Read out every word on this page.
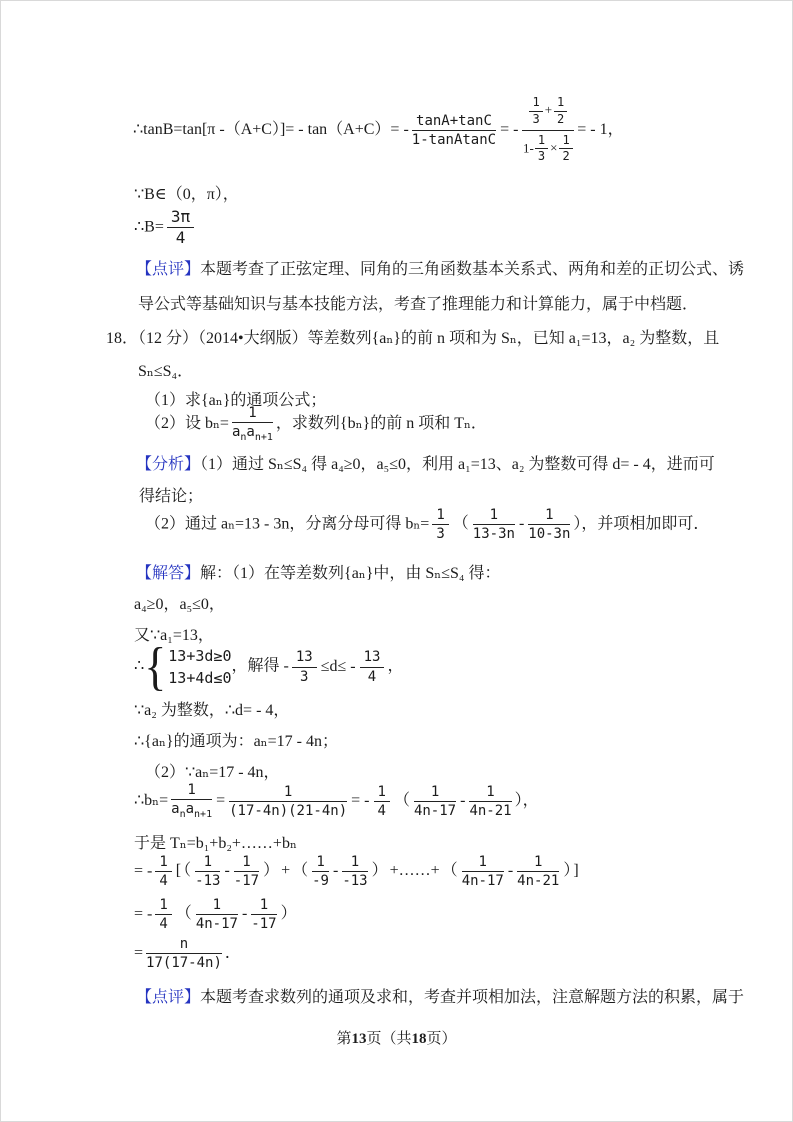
∴tanB=tan[π $-(A+C)]= - \tan(A+C)= - \frac{\tan A+\tan C}{\text{1-tanAtanC}}$ = - $\frac{\frac{1}{3} + \frac{1}{2}}{1- \frac{1}{3} \times \frac{1}{2}}$ = - 1，
∵B∈（0，π），
∴B= $\frac{3\pi}{4}$
【点评】本题考查了正弦定理、同角的三角函数基本关系式、两角和差的正切公式、诱
导公式等基础知识与基本技能方法，考查了推理能力和计算能力，属于中档题．
18．（12 分）（2014•大纲版）等差数列{aₙ}的前 n 项和为 Sₙ，已知 a₁=13，a₂ 为整数，且
Sₙ≤S₄．
（1）求{aₙ}的通项公式；
（2）设 bₙ=
1
$a_na_{n+1}$
，求数列{bₙ}的前 n 项和 Tₙ．
【分析】（1）通过 Sₙ≤S₄ 得 a₄≥0，a₅≤0，利用 a₁=13、a₂ 为整数可得 d= - 4，进而可
得结论；
（2）通过 aₙ=13 - 3n，分离分母可得 $b_n= \frac{1}{3}$ （ $\frac{1}{13-3n} - \frac{1}{10-3n}$ ），并项相加即可．
【解答】解：（1）在等差数列{aₙ}中，由 Sₙ≤S₄ 得：
a₄≥0，a₅≤0，
又∵a₁=13，
∴{ 13+3d≥0
13+4d≤0
，解得 - $\frac{13}{3} \le d\le - \frac{13}{4}$ ，
∵a₂ 为整数，∴d= - 4，
∴{aₙ}的通项为：aₙ=17 - 4n；
（2）∵aₙ=17 - 4n，
∴bₙ=
1
$a_na_{n+1}$
= $\frac{1}{(17-4n)(21-4n)}$ = - $\frac{1}{4}$ （ $\frac{1}{4n-17} - \frac{1}{4n-21}$ ），
于是 Tₙ=b₁+b₂+……+bₙ
= - $\frac{1}{4}$ [ （ $\frac{1}{-13} - \frac{1}{-17}$ ） + （ $\frac{1}{-9} - \frac{1}{-13}$ ） +……+ （ $\frac{1}{4n-17} - \frac{1}{4n-21}$ ） ]
= - $\frac{1}{4}$ （ $\frac{1}{4n-17} - \frac{1}{-17}$ ）
= $\frac{n}{17(17-4n)}$ ．
【点评】本题考查求数列的通项及求和，考查并项相加法，注意解题方法的积累，属于
第13页（共18页）
